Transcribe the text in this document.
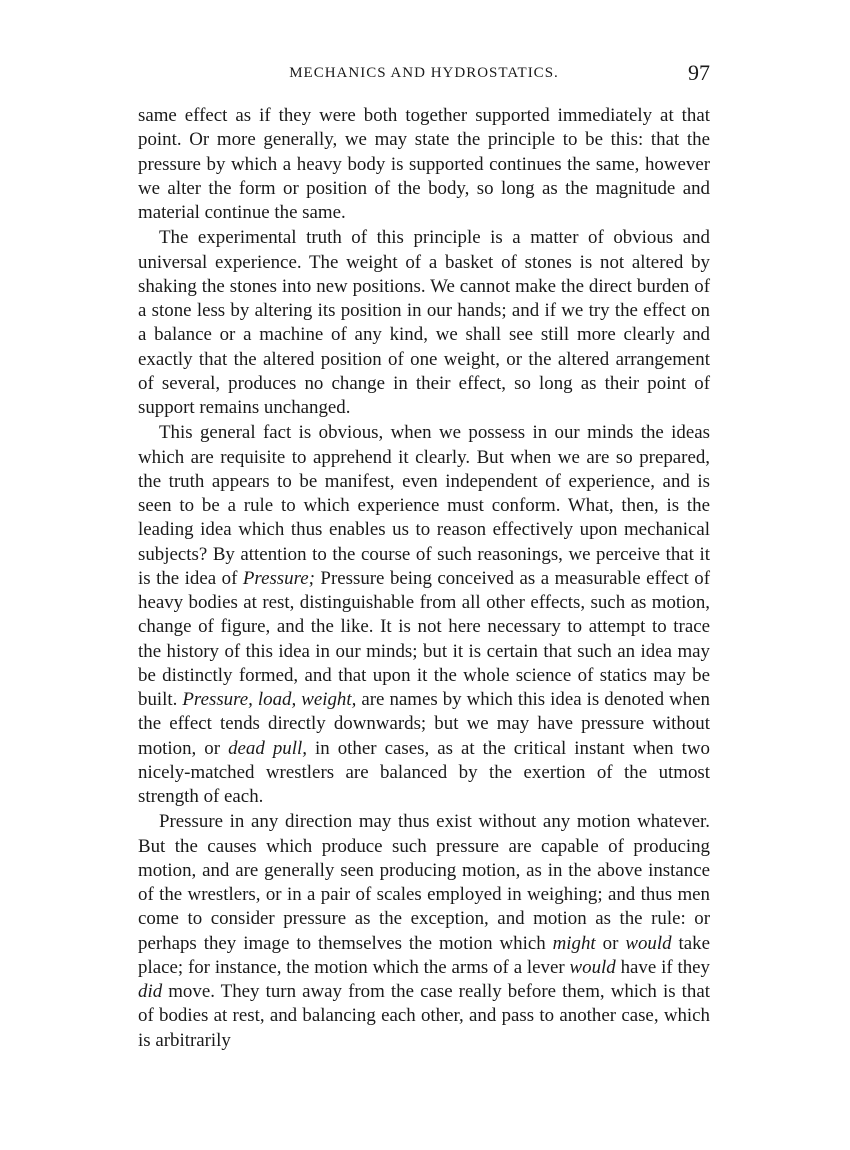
MECHANICS AND HYDROSTATICS.	97

same effect as if they were both together supported immediately at that point. Or more generally, we may state the principle to be this: that the pressure by which a heavy body is supported continues the same, however we alter the form or position of the body, so long as the magnitude and material continue the same.

The experimental truth of this principle is a matter of obvious and universal experience. The weight of a basket of stones is not altered by shaking the stones into new positions. We cannot make the direct burden of a stone less by altering its position in our hands; and if we try the effect on a balance or a machine of any kind, we shall see still more clearly and exactly that the altered position of one weight, or the altered arrangement of several, produces no change in their effect, so long as their point of support remains unchanged.

This general fact is obvious, when we possess in our minds the ideas which are requisite to apprehend it clearly. But when we are so prepared, the truth appears to be manifest, even independent of experience, and is seen to be a rule to which experience must conform. What, then, is the leading idea which thus enables us to reason effectively upon mechanical subjects? By attention to the course of such reasonings, we perceive that it is the idea of Pressure; Pressure being conceived as a measurable effect of heavy bodies at rest, distinguishable from all other effects, such as motion, change of figure, and the like. It is not here necessary to attempt to trace the history of this idea in our minds; but it is certain that such an idea may be distinctly formed, and that upon it the whole science of statics may be built. Pressure, load, weight, are names by which this idea is denoted when the effect tends directly downwards; but we may have pressure without motion, or dead pull, in other cases, as at the critical instant when two nicely-matched wrestlers are balanced by the exertion of the utmost strength of each.

Pressure in any direction may thus exist without any motion whatever. But the causes which produce such pressure are capable of producing motion, and are generally seen producing motion, as in the above instance of the wrestlers, or in a pair of scales employed in weighing; and thus men come to consider pressure as the exception, and motion as the rule: or perhaps they image to themselves the motion which might or would take place; for instance, the motion which the arms of a lever would have if they did move. They turn away from the case really before them, which is that of bodies at rest, and balancing each other, and pass to another case, which is arbitrarily
